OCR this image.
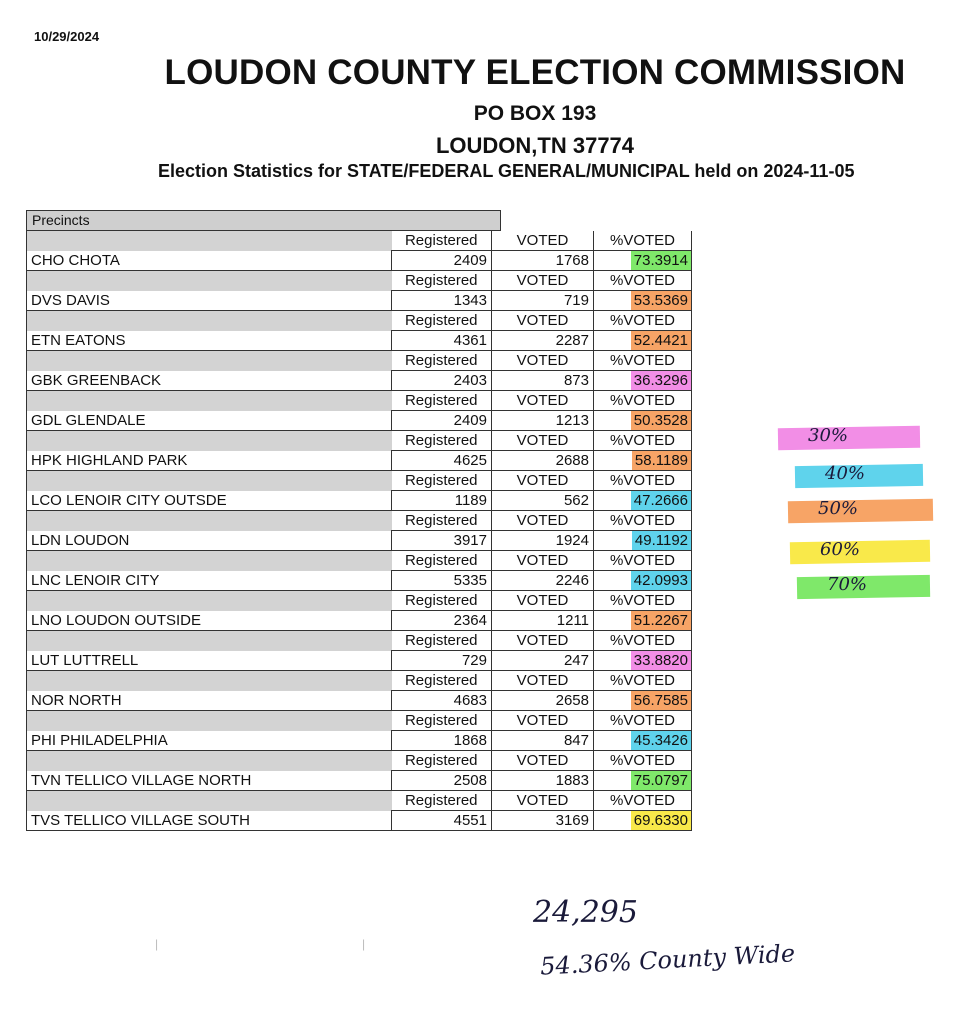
10/29/2024
LOUDON COUNTY ELECTION COMMISSION
PO BOX 193
LOUDON,TN 37774
Election Statistics for STATE/FEDERAL GENERAL/MUNICIPAL held on 2024-11-05
Precincts
	Registered	VOTED	%VOTED
CHO CHOTA	2409	1768	73.3914
	Registered	VOTED	%VOTED
DVS DAVIS	1343	719	53.5369
	Registered	VOTED	%VOTED
ETN EATONS	4361	2287	52.4421
	Registered	VOTED	%VOTED
GBK GREENBACK	2403	873	36.3296
	Registered	VOTED	%VOTED
GDL GLENDALE	2409	1213	50.3528
	Registered	VOTED	%VOTED
HPK HIGHLAND PARK	4625	2688	58.1189
	Registered	VOTED	%VOTED
LCO LENOIR CITY OUTSDE	1189	562	47.2666
	Registered	VOTED	%VOTED
LDN LOUDON	3917	1924	49.1192
	Registered	VOTED	%VOTED
LNC LENOIR CITY	5335	2246	42.0993
	Registered	VOTED	%VOTED
LNO LOUDON OUTSIDE	2364	1211	51.2267
	Registered	VOTED	%VOTED
LUT LUTTRELL	729	247	33.8820
	Registered	VOTED	%VOTED
NOR NORTH	4683	2658	56.7585
	Registered	VOTED	%VOTED
PHI PHILADELPHIA	1868	847	45.3426
	Registered	VOTED	%VOTED
TVN TELLICO VILLAGE NORTH	2508	1883	75.0797
	Registered	VOTED	%VOTED
TVS TELLICO VILLAGE SOUTH	4551	3169	69.6330
24,295
54.36% County Wide
|	|
30%
40%
50%
60%
70%
